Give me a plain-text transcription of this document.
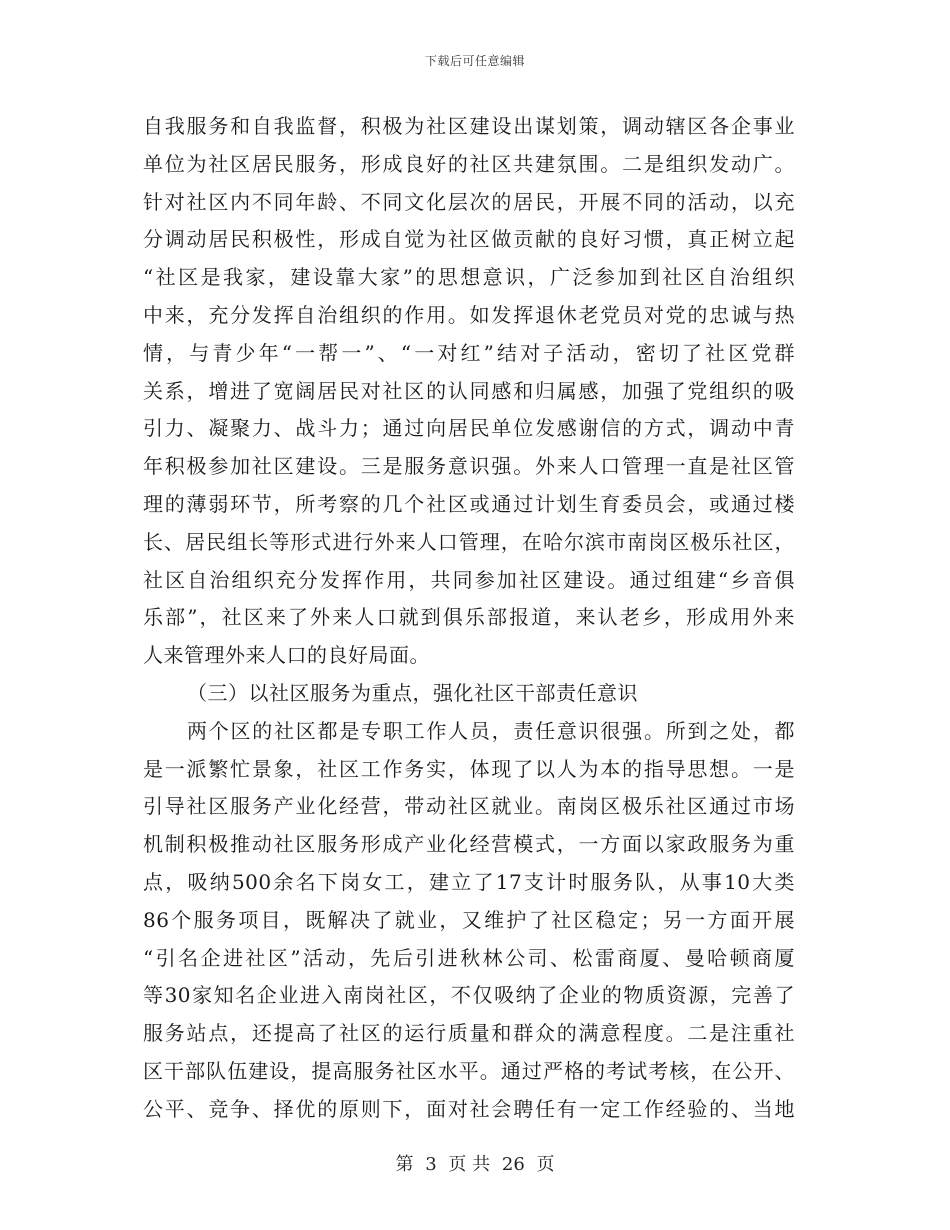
下载后可任意编辑
自我服务和自我监督，积极为社区建设出谋划策，调动辖区各企事业
单位为社区居民服务，形成良好的社区共建氛围。二是组织发动广。
针对社区内不同年龄、不同文化层次的居民，开展不同的活动，以充
分调动居民积极性，形成自觉为社区做贡献的良好习惯，真正树立起
“社区是我家，建设靠大家”的思想意识，广泛参加到社区自治组织
中来，充分发挥自治组织的作用。如发挥退休老党员对党的忠诚与热
情，与青少年“一帮一”、“一对红”结对子活动，密切了社区党群
关系，增进了宽阔居民对社区的认同感和归属感，加强了党组织的吸
引力、凝聚力、战斗力；通过向居民单位发感谢信的方式，调动中青
年积极参加社区建设。三是服务意识强。外来人口管理一直是社区管
理的薄弱环节，所考察的几个社区或通过计划生育委员会，或通过楼
长、居民组长等形式进行外来人口管理，在哈尔滨市南岗区极乐社区，
社区自治组织充分发挥作用，共同参加社区建设。通过组建“乡音俱
乐部”，社区来了外来人口就到俱乐部报道，来认老乡，形成用外来
人来管理外来人口的良好局面。
（三）以社区服务为重点，强化社区干部责任意识
两个区的社区都是专职工作人员，责任意识很强。所到之处，都
是一派繁忙景象，社区工作务实，体现了以人为本的指导思想。一是
引导社区服务产业化经营，带动社区就业。南岗区极乐社区通过市场
机制积极推动社区服务形成产业化经营模式，一方面以家政服务为重
点，吸纳500余名下岗女工，建立了17支计时服务队，从事10大类
86个服务项目，既解决了就业，又维护了社区稳定；另一方面开展
“引名企进社区”活动，先后引进秋林公司、松雷商厦、曼哈顿商厦
等30家知名企业进入南岗社区，不仅吸纳了企业的物质资源，完善了
服务站点，还提高了社区的运行质量和群众的满意程度。二是注重社
区干部队伍建设，提高服务社区水平。通过严格的考试考核，在公开、
公平、竞争、择优的原则下，面对社会聘任有一定工作经验的、当地
第 3 页 共 26 页
